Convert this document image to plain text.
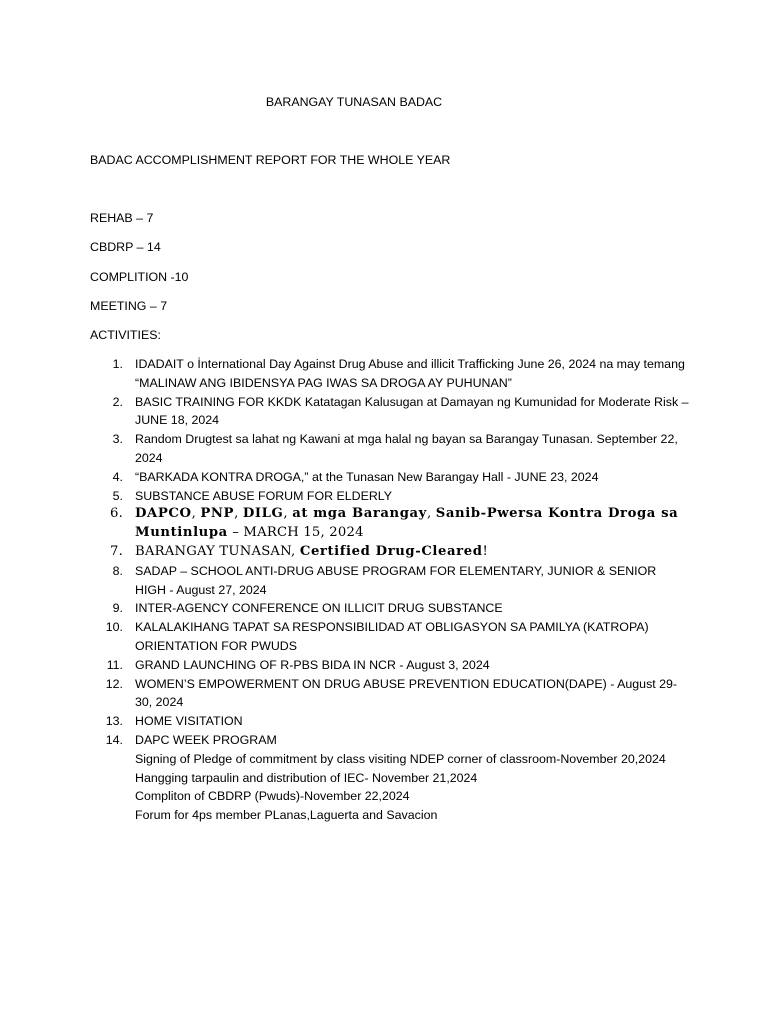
BARANGAY TUNASAN BADAC
BADAC ACCOMPLISHMENT REPORT FOR THE WHOLE YEAR
REHAB – 7
CBDRP – 14
COMPLITION -10
MEETING – 7
ACTIVITIES:
1. IDADAIT o İnternational Day Against Drug Abuse and illicit Trafficking June 26, 2024 na may temang “MALINAW ANG IBIDENSYA PAG IWAS SA DROGA AY PUHUNAN”
2. BASIC TRAINING FOR KKDK Katatagan Kalusugan at Damayan ng Kumunidad for Moderate Risk – JUNE 18, 2024
3. Random Drugtest sa lahat ng Kawani at mga halal ng bayan sa Barangay Tunasan. September 22, 2024
4. “BARKADA KONTRA DROGA,” at the Tunasan New Barangay Hall - JUNE 23, 2024
5. SUBSTANCE ABUSE FORUM FOR ELDERLY
6. DAPCO, PNP, DILG, at mga Barangay, Sanib-Pwersa Kontra Droga sa Muntinlupa – MARCH 15, 2024
7. BARANGAY TUNASAN, Certified Drug-Cleared!
8. SADAP – SCHOOL ANTI-DRUG ABUSE PROGRAM FOR ELEMENTARY, JUNIOR & SENIOR HIGH - August 27, 2024
9. INTER-AGENCY CONFERENCE ON ILLICIT DRUG SUBSTANCE
10. KALALAKIHANG TAPAT SA RESPONSIBILIDAD AT OBLIGASYON SA PAMILYA (KATROPA) ORIENTATION FOR PWUDS
11. GRAND LAUNCHING OF R-PBS BIDA IN NCR - August 3, 2024
12. WOMEN’S EMPOWERMENT ON DRUG ABUSE PREVENTION EDUCATION(DAPE) - August 29-30, 2024
13. HOME VISITATION
14. DAPC WEEK PROGRAM
Signing of Pledge of commitment by class visiting NDEP corner of classroom-November 20,2024
Hangging tarpaulin and distribution of IEC- November 21,2024
Compliton of CBDRP (Pwuds)-November 22,2024
Forum for 4ps member PLanas,Laguerta and Savacion
